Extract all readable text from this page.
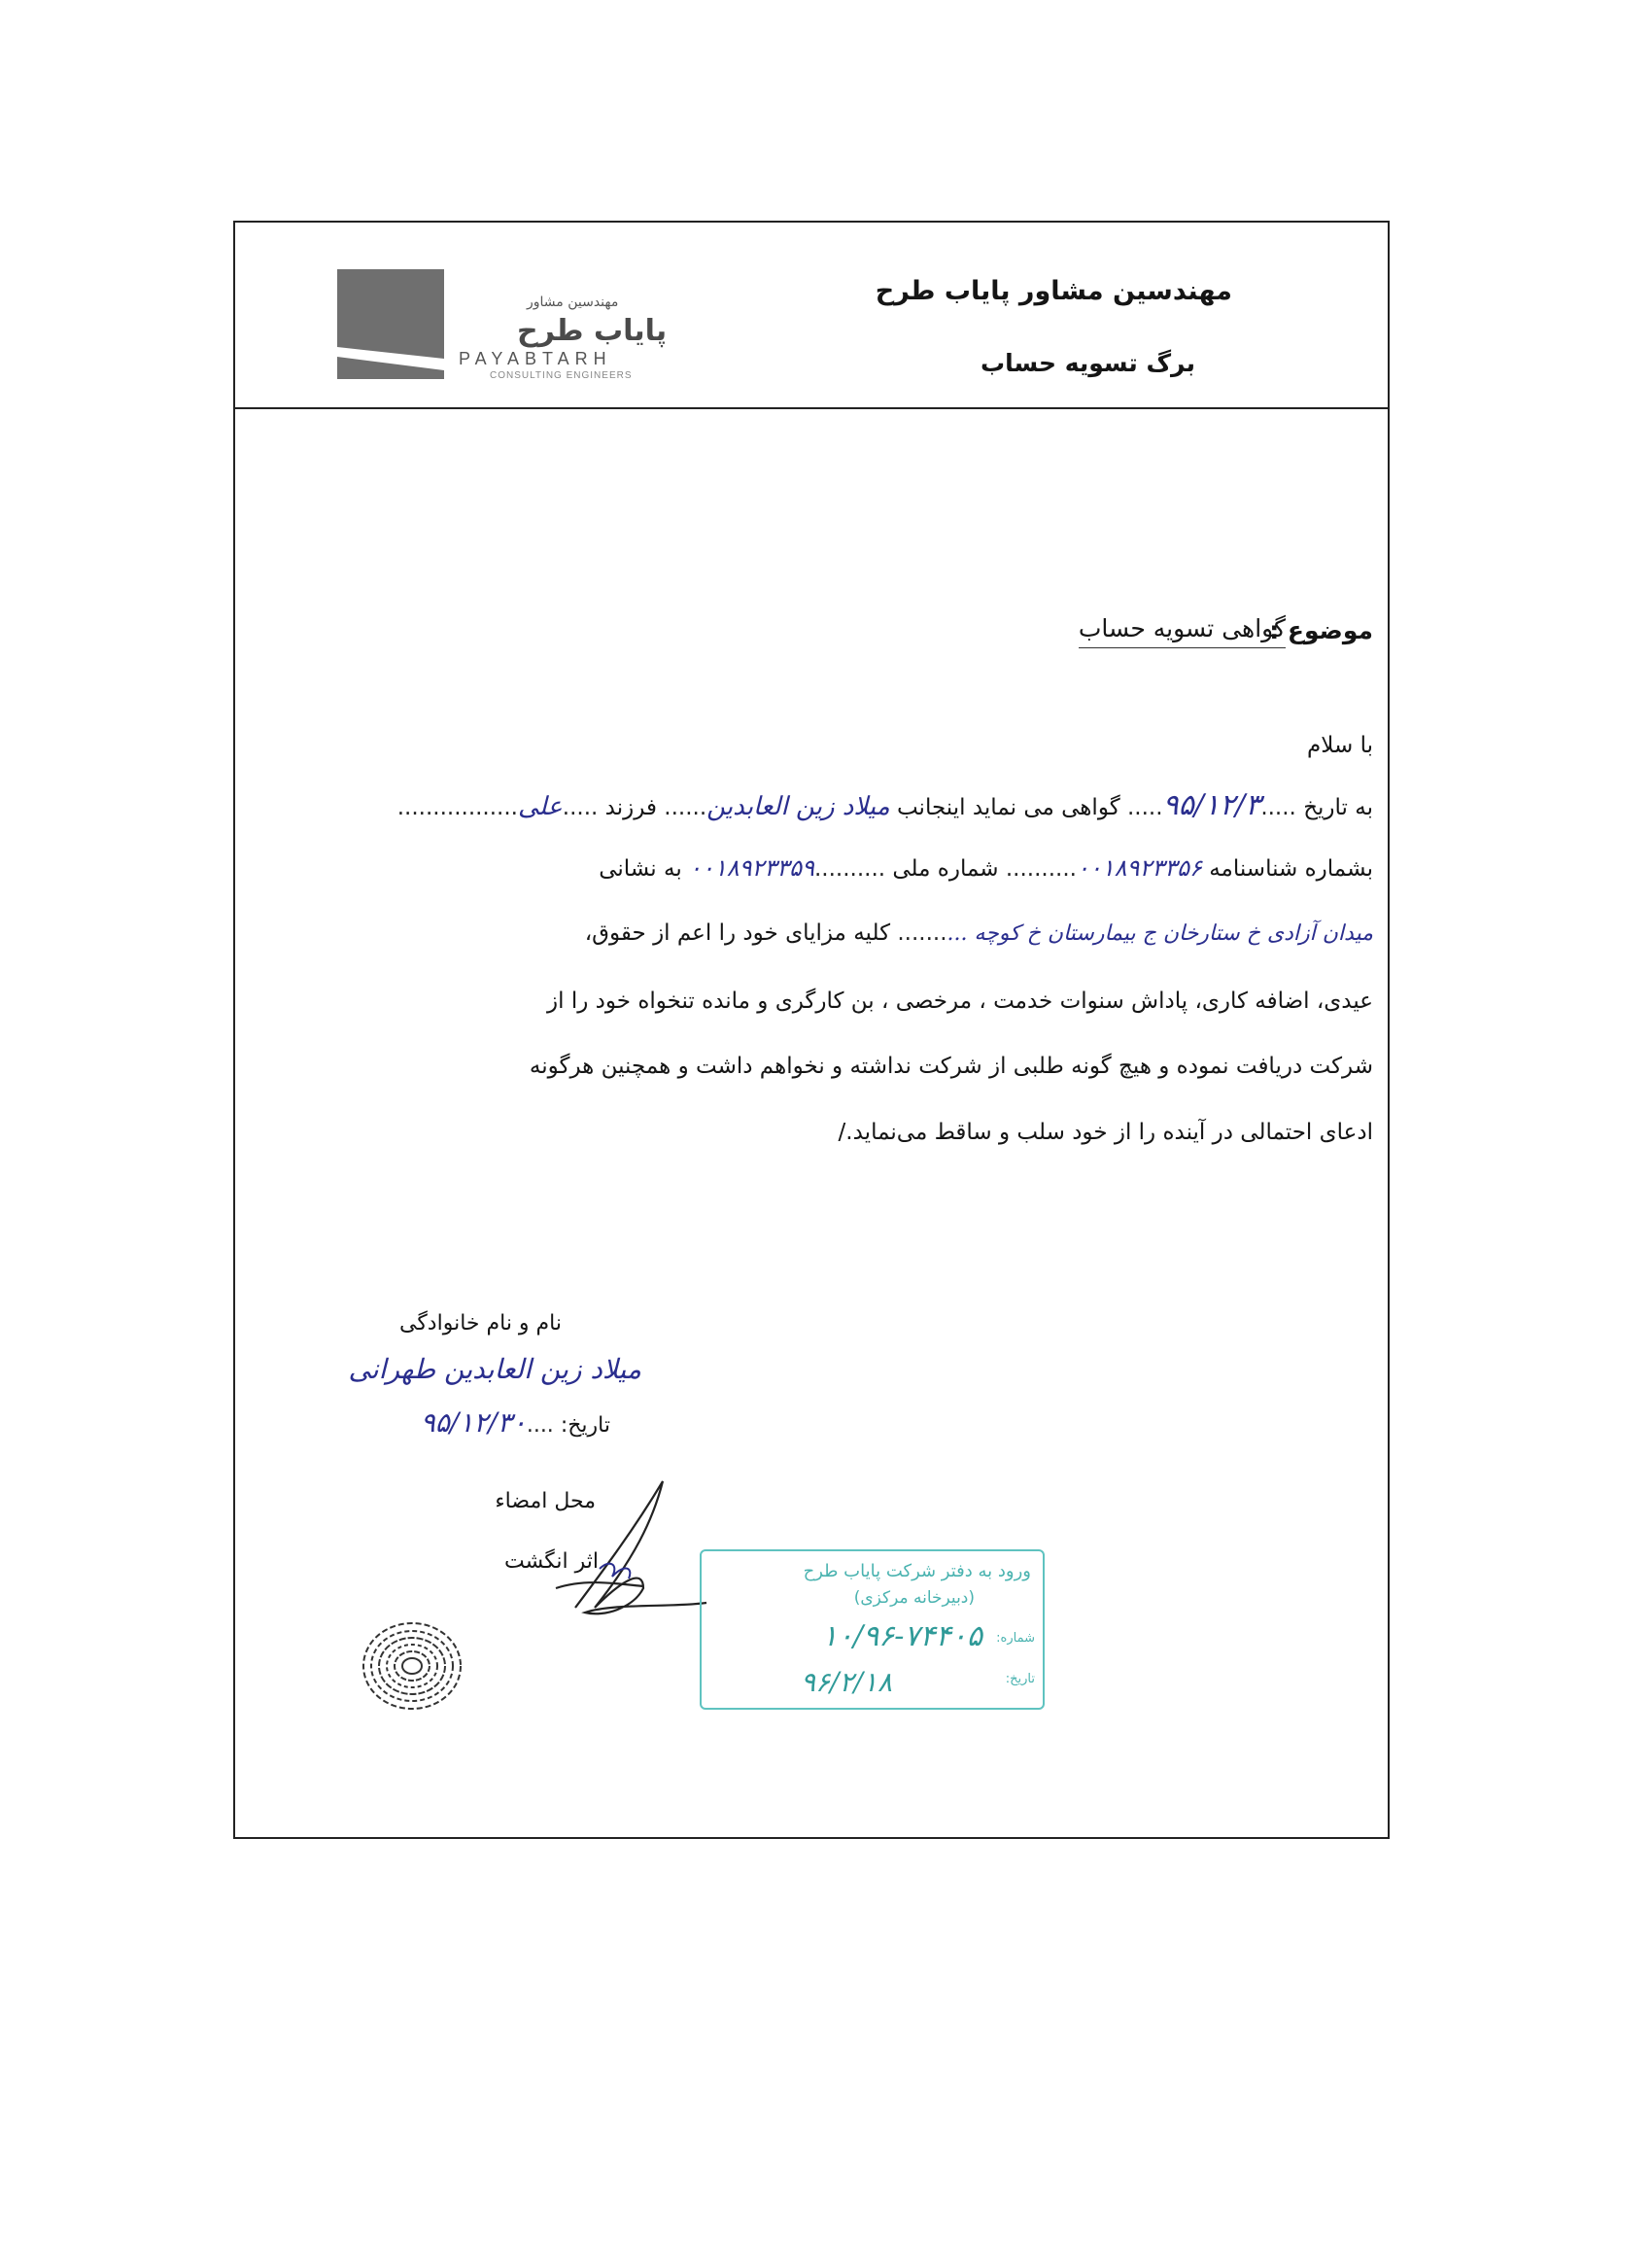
مهندسین مشاور
پایاب طرح
PAYABTARH
CONSULTING ENGINEERS
مهندسین مشاور پایاب طرح
برگ تسویه حساب
موضوع :
گواهی تسویه حساب
با سلام
به تاریخ .....۹۵/۱۲/۳..... گواهی می نماید اینجانب میلاد زین العابدین...... فرزند .....علی.................
بشماره شناسنامه ۰۰۱۸۹۲۳۳۵۶.......... شماره ملی ..........۰۰۱۸۹۲۳۳۵۹ به نشانی
میدان آزادی خ ستارخان ج بیمارستان خ کوچه .......... کلیه مزایای خود را اعم از حقوق،
عیدی، اضافه کاری، پاداش سنوات خدمت ، مرخصی ، بن کارگری و مانده تنخواه خود را از
شرکت دریافت نموده و هیچ گونه طلبی از شرکت نداشته و نخواهم داشت و همچنین هرگونه
ادعای احتمالی در آینده را از خود سلب و ساقط می‌نماید./
نام و نام خانوادگی
میلاد زین العابدین طهرانی
تاریخ: ....۹۵/۱۲/۳۰
محل امضاء
اثر انگشت	ورود به دفتر شرکت پایاب طرح
(دبیرخانه مرکزی)
شماره:
۱۰/۹۶-۷۴۴۰۵
تاریخ:
۹۶/۲/۱۸
